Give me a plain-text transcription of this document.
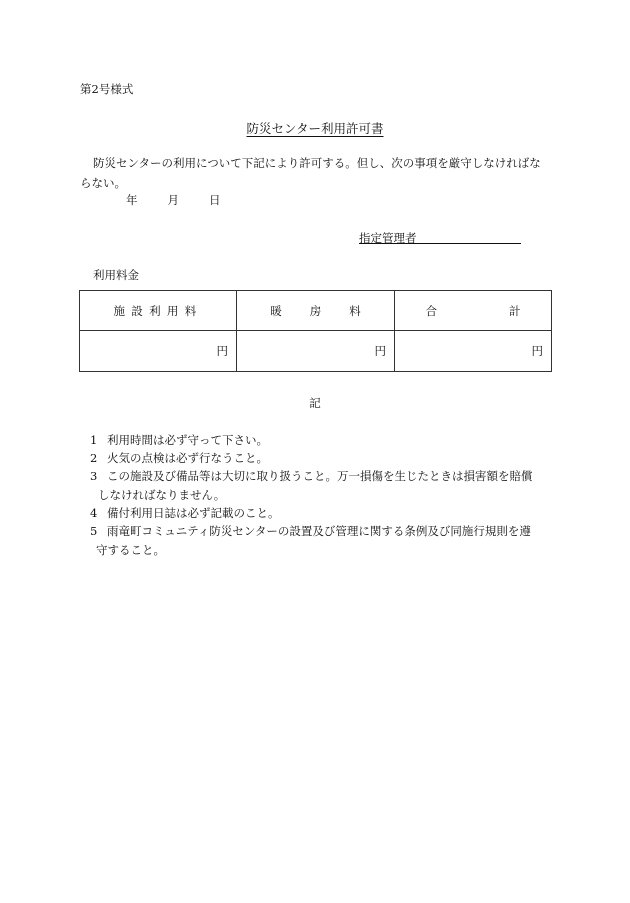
第2号様式
防災センター利用許可書
防災センターの利用について下記により許可する。但し、次の事項を厳守しなければな
らない。
年	月	日
指定管理者
利用料金
施設利用料	暖 房 料	合 計
円	円	円
記
1 利用時間は必ず守って下さい。
2 火気の点検は必ず行なうこと。
3 この施設及び備品等は大切に取り扱うこと。万一損傷を生じたときは損害額を賠償
しなければなりません。
4 備付利用日誌は必ず記載のこと。
5 雨竜町コミュニティ防災センターの設置及び管理に関する条例及び同施行規則を遵
守すること。
